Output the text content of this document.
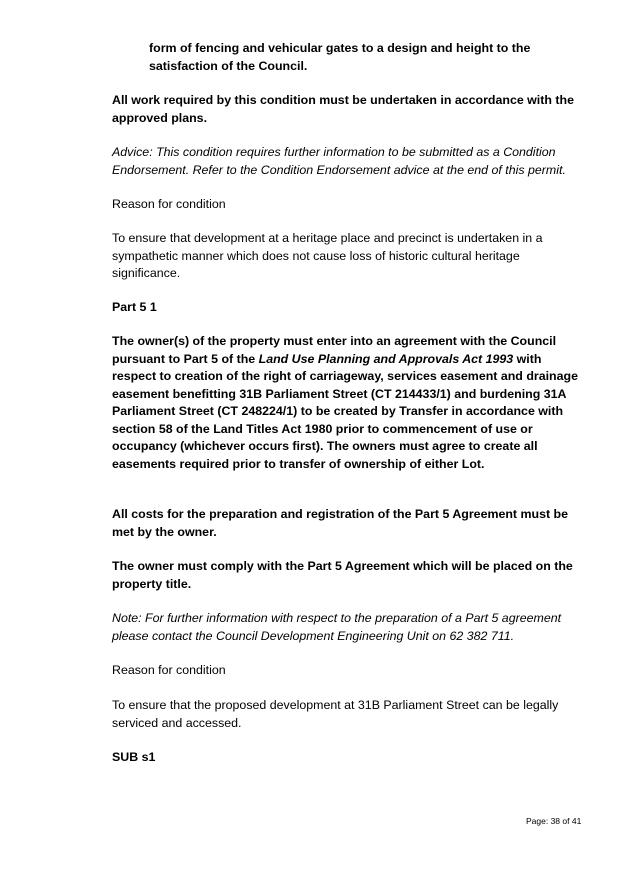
form of fencing and vehicular gates to a design and height to the satisfaction of the Council.

All work required by this condition must be undertaken in accordance with the approved plans.

Advice: This condition requires further information to be submitted as a Condition Endorsement. Refer to the Condition Endorsement advice at the end of this permit.

Reason for condition

To ensure that development at a heritage place and precinct is undertaken in a sympathetic manner which does not cause loss of historic cultural heritage significance.

Part 5 1

The owner(s) of the property must enter into an agreement with the Council pursuant to Part 5 of the Land Use Planning and Approvals Act 1993 with respect to creation of the right of carriageway, services easement and drainage easement benefitting 31B Parliament Street (CT 214433/1) and burdening 31A Parliament Street (CT 248224/1) to be created by Transfer in accordance with section 58 of the Land Titles Act 1980 prior to commencement of use or occupancy (whichever occurs first). The owners must agree to create all easements required prior to transfer of ownership of either Lot.

All costs for the preparation and registration of the Part 5 Agreement must be met by the owner.

The owner must comply with the Part 5 Agreement which will be placed on the property title.

Note: For further information with respect to the preparation of a Part 5 agreement please contact the Council Development Engineering Unit on 62 382 711.

Reason for condition

To ensure that the proposed development at 31B Parliament Street can be legally serviced and accessed.

SUB s1

Page: 38 of 41
